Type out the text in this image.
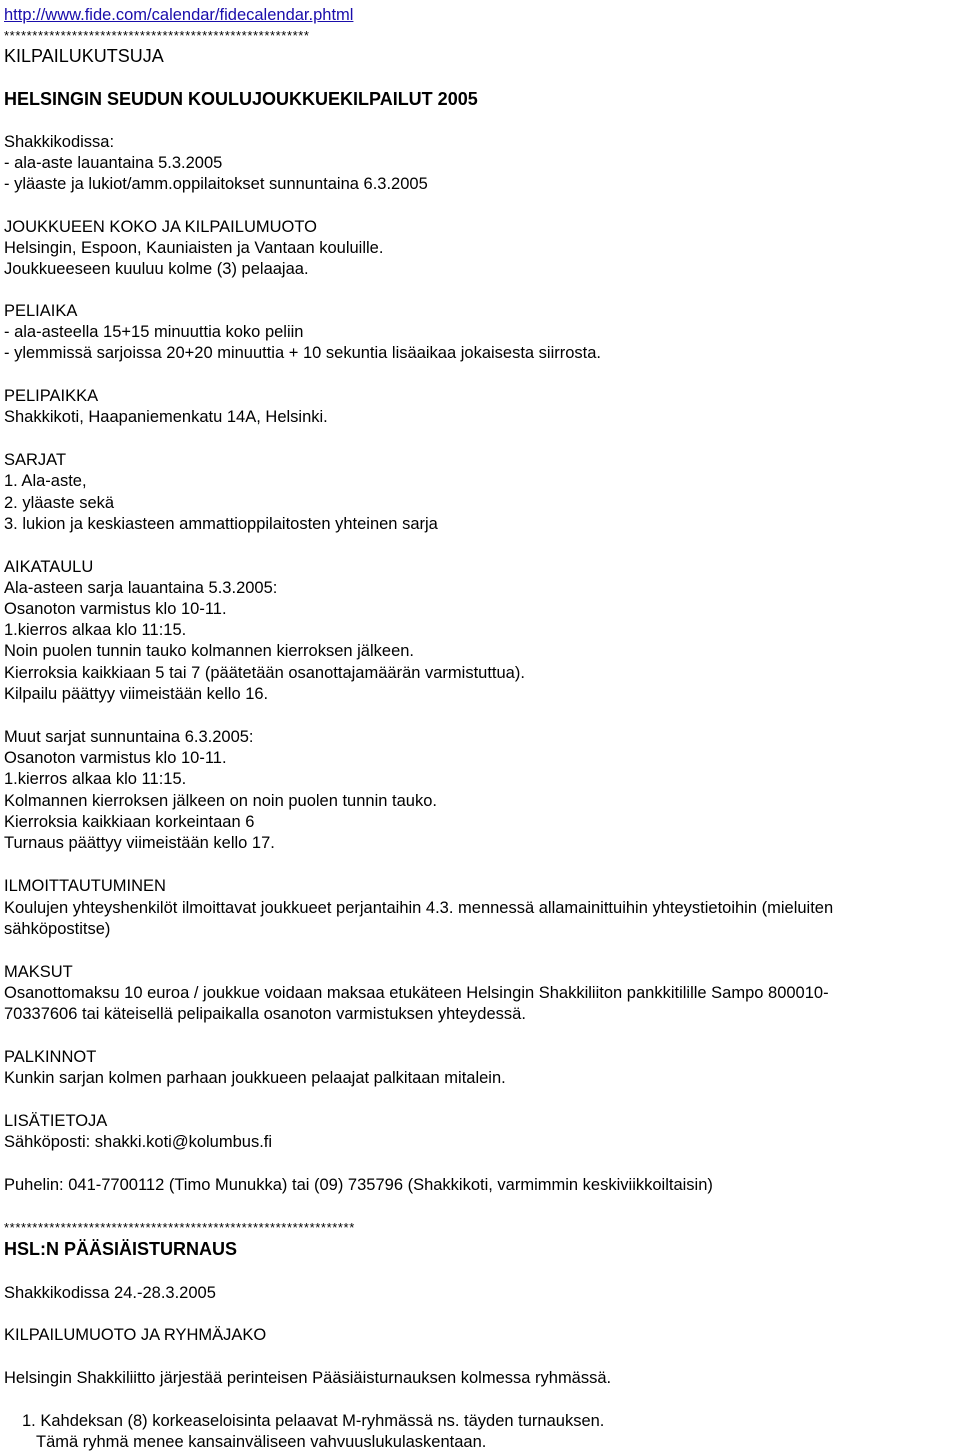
http://www.fide.com/calendar/fidecalendar.phtml
******************************************************
KILPAILUKUTSUJA
HELSINGIN SEUDUN KOULUJOUKKUEKILPAILUT 2005
Shakkikodissa:
- ala-aste lauantaina 5.3.2005
- yläaste ja lukiot/amm.oppilaitokset sunnuntaina 6.3.2005
JOUKKUEEN KOKO JA KILPAILUMUOTO
Helsingin, Espoon, Kauniaisten ja Vantaan kouluille.
Joukkueeseen kuuluu kolme (3) pelaajaa.
PELIAIKA
- ala-asteella 15+15 minuuttia koko peliin
- ylemmissä sarjoissa 20+20 minuuttia + 10 sekuntia lisäaikaa jokaisesta siirrosta.
PELIPAIKKA
Shakkikoti, Haapaniemenkatu 14A, Helsinki.
SARJAT
1. Ala-aste,
2. yläaste sekä
3. lukion ja keskiasteen ammattioppilaitosten yhteinen sarja
AIKATAULU
Ala-asteen sarja lauantaina 5.3.2005:
Osanoton varmistus klo 10-11.
1.kierros alkaa klo 11:15.
Noin puolen tunnin tauko kolmannen kierroksen jälkeen.
Kierroksia kaikkiaan 5 tai 7 (päätetään osanottajamäärän varmistuttua).
Kilpailu päättyy viimeistään kello 16.
Muut sarjat sunnuntaina 6.3.2005:
Osanoton varmistus klo 10-11.
1.kierros alkaa klo 11:15.
Kolmannen kierroksen jälkeen on noin puolen tunnin tauko.
Kierroksia kaikkiaan korkeintaan 6
Turnaus päättyy viimeistään kello 17.
ILMOITTAUTUMINEN
Koulujen yhteyshenkilöt ilmoittavat joukkueet perjantaihin 4.3. mennessä allamainittuihin yhteystietoihin (mieluiten
sähköpostitse)
MAKSUT
Osanottomaksu 10 euroa / joukkue voidaan maksaa etukäteen Helsingin Shakkiliiton pankkitilille Sampo 800010-
70337606 tai käteisellä pelipaikalla osanoton varmistuksen yhteydessä.
PALKINNOT
Kunkin sarjan kolmen parhaan joukkueen pelaajat palkitaan mitalein.
LISÄTIETOJA
Sähköposti: shakki.koti@kolumbus.fi
Puhelin: 041-7700112 (Timo Munukka) tai (09) 735796 (Shakkikoti, varmimmin keskiviikkoiltaisin)
**************************************************************
HSL:N PÄÄSIÄISTURNAUS
Shakkikodissa 24.-28.3.2005
KILPAILUMUOTO JA RYHMÄJAKO
Helsingin Shakkiliitto järjestää perinteisen Pääsiäisturnauksen kolmessa ryhmässä.
1. Kahdeksan (8) korkeaseloisinta pelaavat M-ryhmässä ns. täyden turnauksen.
Tämä ryhmä menee kansainväliseen vahvuuslukulaskentaan.
